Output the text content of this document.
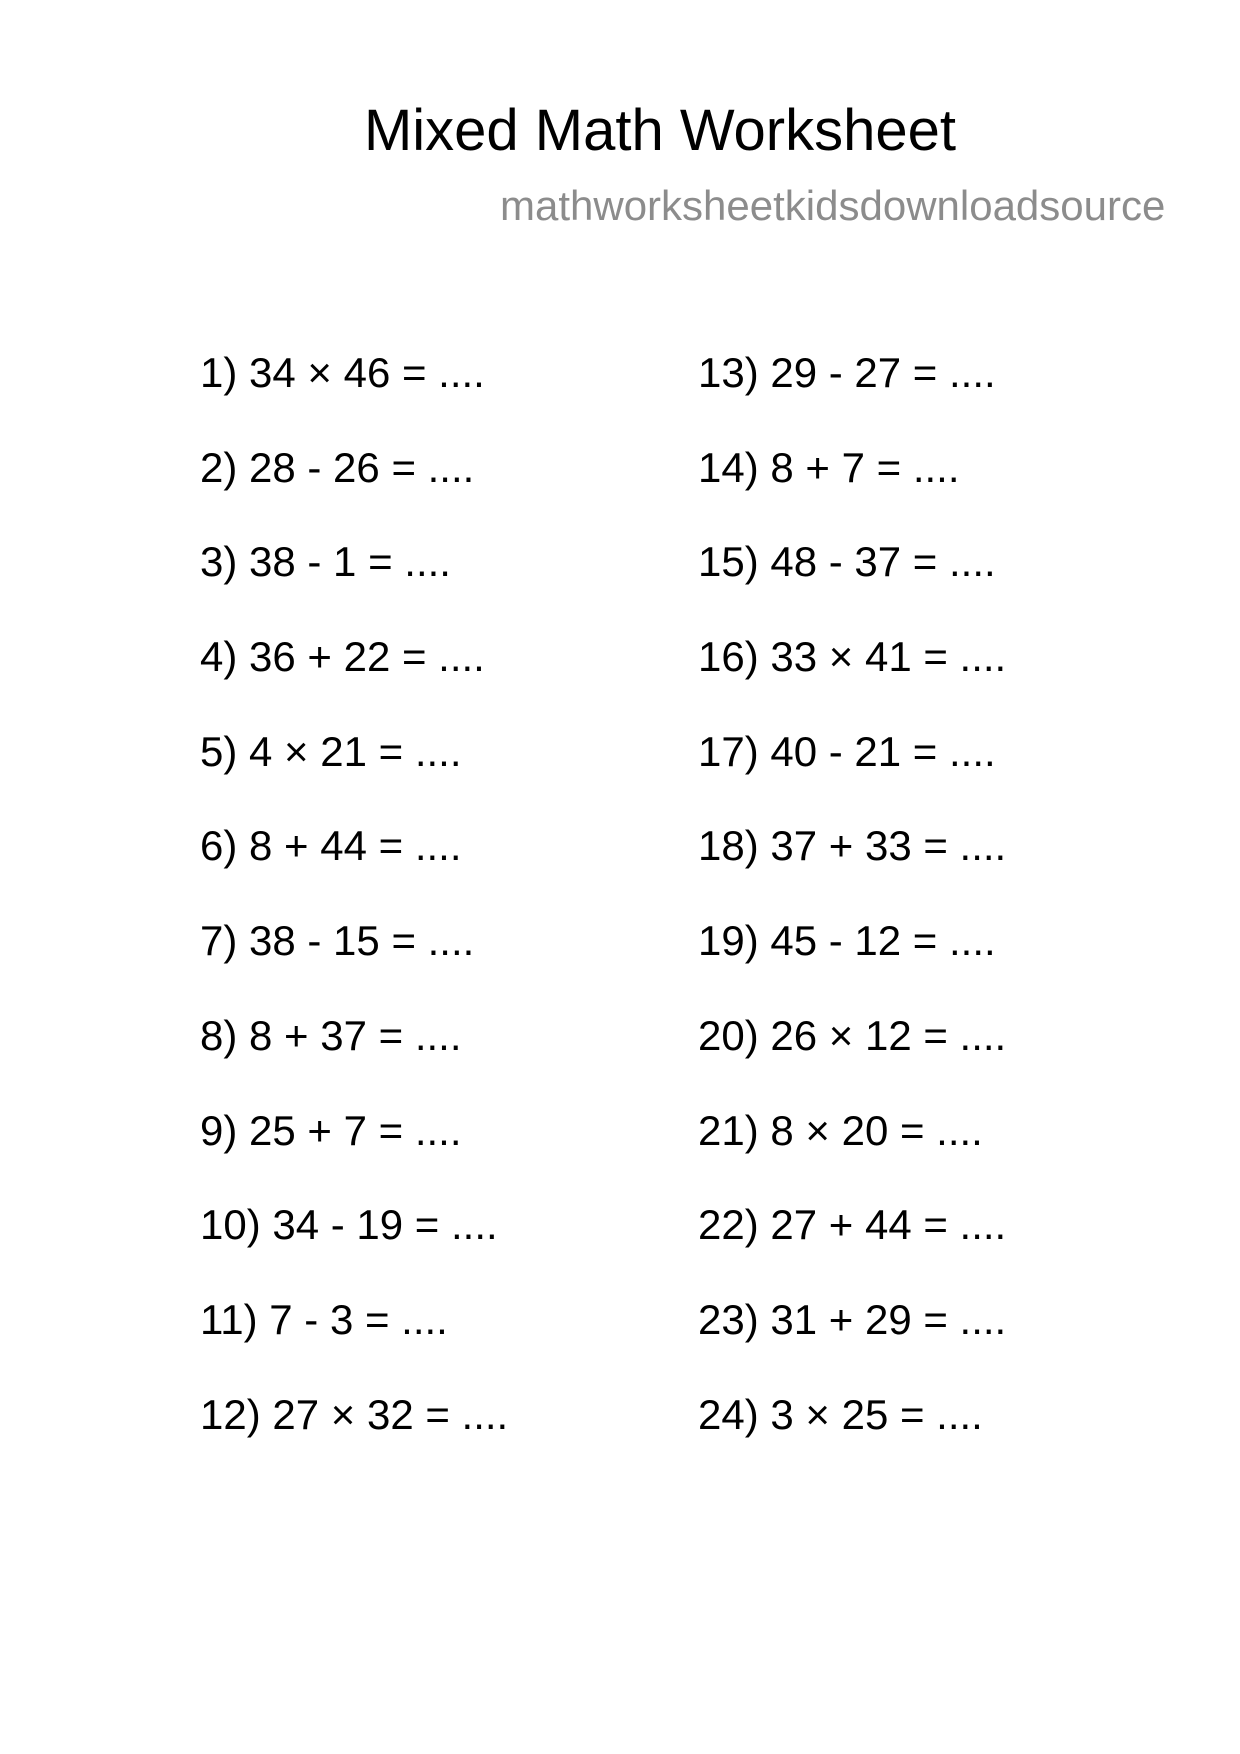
Mixed Math Worksheet
mathworksheetkidsdownloadsource
1) 34 × 46 = ....
2) 28 - 26 = ....
3) 38 - 1 = ....
4) 36 + 22 = ....
5) 4 × 21 = ....
6) 8 + 44 = ....
7) 38 - 15 = ....
8) 8 + 37 = ....
9) 25 + 7 = ....
10) 34 - 19 = ....
11) 7 - 3 = ....
12) 27 × 32 = ....
13) 29 - 27 = ....
14) 8 + 7 = ....
15) 48 - 37 = ....
16) 33 × 41 = ....
17) 40 - 21 = ....
18) 37 + 33 = ....
19) 45 - 12 = ....
20) 26 × 12 = ....
21) 8 × 20 = ....
22) 27 + 44 = ....
23) 31 + 29 = ....
24) 3 × 25 = ....
